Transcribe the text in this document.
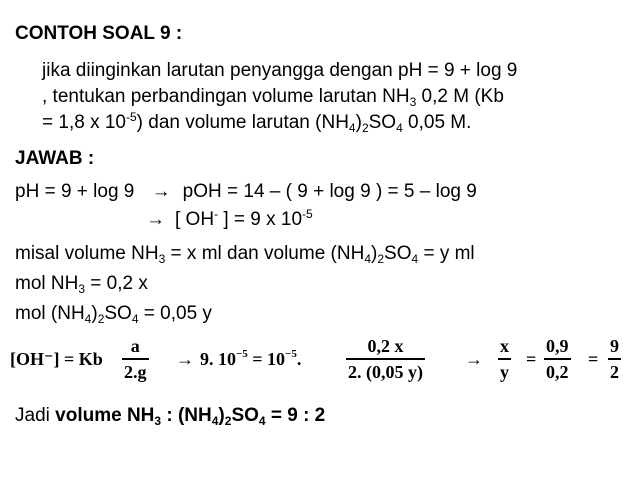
CONTOH SOAL 9 :
jika diinginkan larutan penyangga dengan pH = 9 + log 9
, tentukan perbandingan volume larutan $NH_3$ 0,2 M (Kb
= 1,8 x $10^{-5}$) dan volume larutan $(NH_4)_2SO_4$ 0,05 M.
JAWAB :
pH = 9 + log 9 → pOH = 14 – ( 9 + log 9 ) = 5 – log 9
→ [ OH- ] = 9 x $10^{-5}$
misal volume $NH_3 = x$ ml dan volume $(NH_4)_2SO_4 = y$ ml
mol $NH_3 = 0,2$ x
mol $(NH_4)_2SO_4 = 0,05$ y
[OH⁻] = Kb
a
2.g
→ 9. $10^{-5} = 10^{-5}$.
0,2 x
2. (0,05 y)
→
x
y
=
0,9
0,2
=
9
2
Jadi volume $NH_3$ : $(NH_4)_2SO_4 = 9$ : 2
